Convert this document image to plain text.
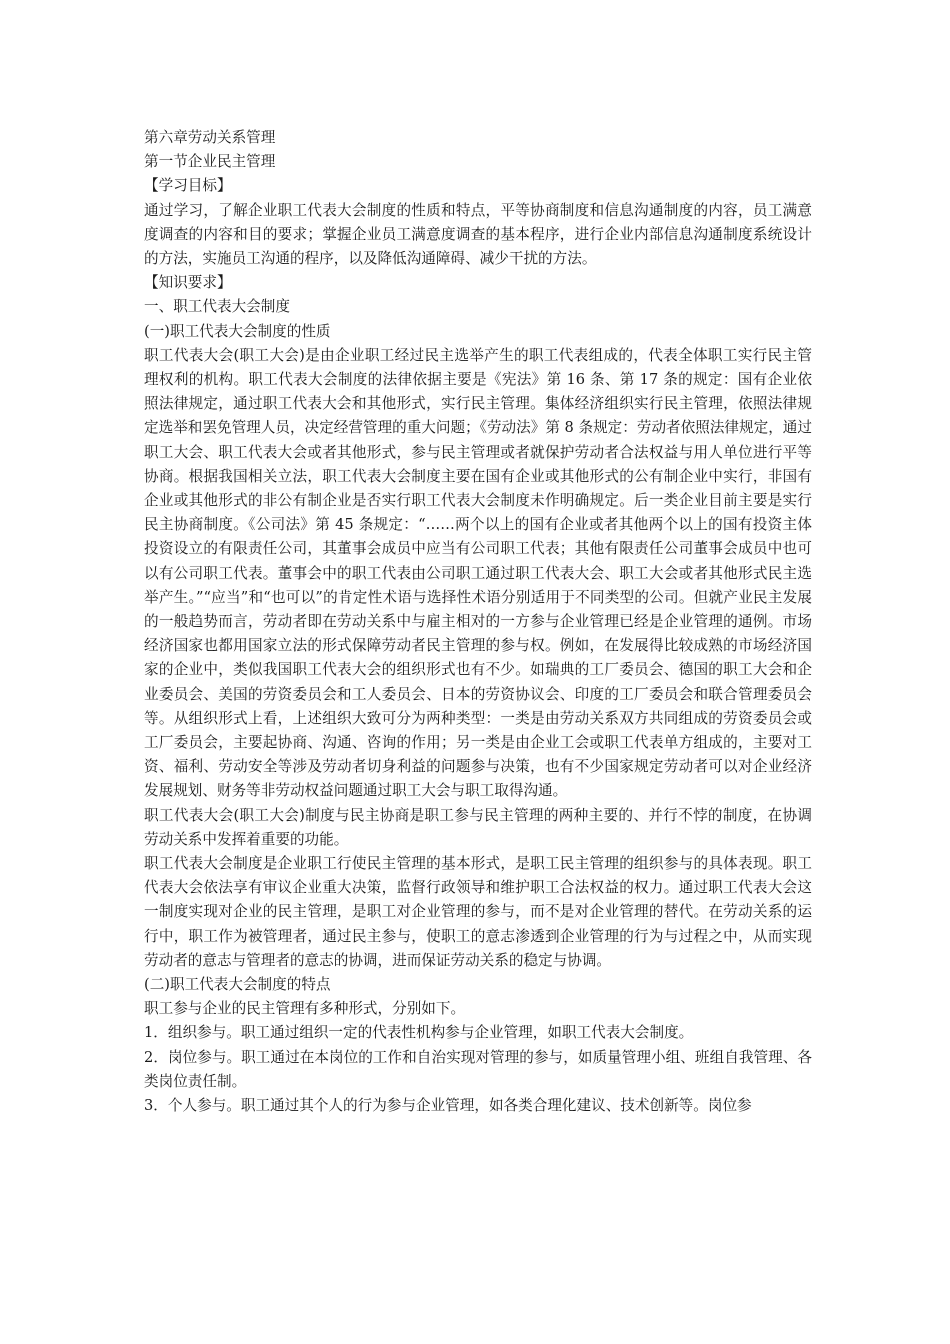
第六章劳动关系管理
第一节企业民主管理
【学习目标】

通过学习，了解企业职工代表大会制度的性质和特点，平等协商制度和信息沟通制度的内容，员工满意度调查的内容和目的要求；掌握企业员工满意度调查的基本程序，进行企业内部信息沟通制度系统设计的方法，实施员工沟通的程序，以及降低沟通障碍、减少干扰的方法。

【知识要求】
一、职工代表大会制度
(一)职工代表大会制度的性质

职工代表大会(职工大会)是由企业职工经过民主选举产生的职工代表组成的，代表全体职工实行民主管理权利的机构。职工代表大会制度的法律依据主要是《宪法》第 16 条、第 17 条的规定：国有企业依照法律规定，通过职工代表大会和其他形式，实行民主管理。集体经济组织实行民主管理，依照法律规定选举和罢免管理人员，决定经营管理的重大问题；《劳动法》第 8 条规定：劳动者依照法律规定，通过职工大会、职工代表大会或者其他形式，参与民主管理或者就保护劳动者合法权益与用人单位进行平等协商。根据我国相关立法，职工代表大会制度主要在国有企业或其他形式的公有制企业中实行，非国有企业或其他形式的非公有制企业是否实行职工代表大会制度未作明确规定。后一类企业目前主要是实行民主协商制度。《公司法》第 45 条规定：“……两个以上的国有企业或者其他两个以上的国有投资主体投资设立的有限责任公司，其董事会成员中应当有公司职工代表；其他有限责任公司董事会成员中也可以有公司职工代表。董事会中的职工代表由公司职工通过职工代表大会、职工大会或者其他形式民主选举产生。”“应当”和“也可以”的肯定性术语与选择性术语分别适用于不同类型的公司。但就产业民主发展的一般趋势而言，劳动者即在劳动关系中与雇主相对的一方参与企业管理已经是企业管理的通例。市场经济国家也都用国家立法的形式保障劳动者民主管理的参与权。例如，在发展得比较成熟的市场经济国家的企业中，类似我国职工代表大会的组织形式也有不少。如瑞典的工厂委员会、德国的职工大会和企业委员会、美国的劳资委员会和工人委员会、日本的劳资协议会、印度的工厂委员会和联合管理委员会等。从组织形式上看，上述组织大致可分为两种类型：一类是由劳动关系双方共同组成的劳资委员会或工厂委员会，主要起协商、沟通、咨询的作用；另一类是由企业工会或职工代表单方组成的，主要对工资、福利、劳动安全等涉及劳动者切身利益的问题参与决策，也有不少国家规定劳动者可以对企业经济发展规划、财务等非劳动权益问题通过职工大会与职工取得沟通。

职工代表大会(职工大会)制度与民主协商是职工参与民主管理的两种主要的、并行不悖的制度，在协调劳动关系中发挥着重要的功能。

职工代表大会制度是企业职工行使民主管理的基本形式，是职工民主管理的组织参与的具体表现。职工代表大会依法享有审议企业重大决策，监督行政领导和维护职工合法权益的权力。通过职工代表大会这一制度实现对企业的民主管理，是职工对企业管理的参与，而不是对企业管理的替代。在劳动关系的运行中，职工作为被管理者，通过民主参与，使职工的意志渗透到企业管理的行为与过程之中，从而实现劳动者的意志与管理者的意志的协调，进而保证劳动关系的稳定与协调。

(二)职工代表大会制度的特点
职工参与企业的民主管理有多种形式，分别如下。

1．组织参与。职工通过组织一定的代表性机构参与企业管理，如职工代表大会制度。

2．岗位参与。职工通过在本岗位的工作和自治实现对管理的参与，如质量管理小组、班组自我管理、各类岗位责任制。

3．个人参与。职工通过其个人的行为参与企业管理，如各类合理化建议、技术创新等。岗位参
